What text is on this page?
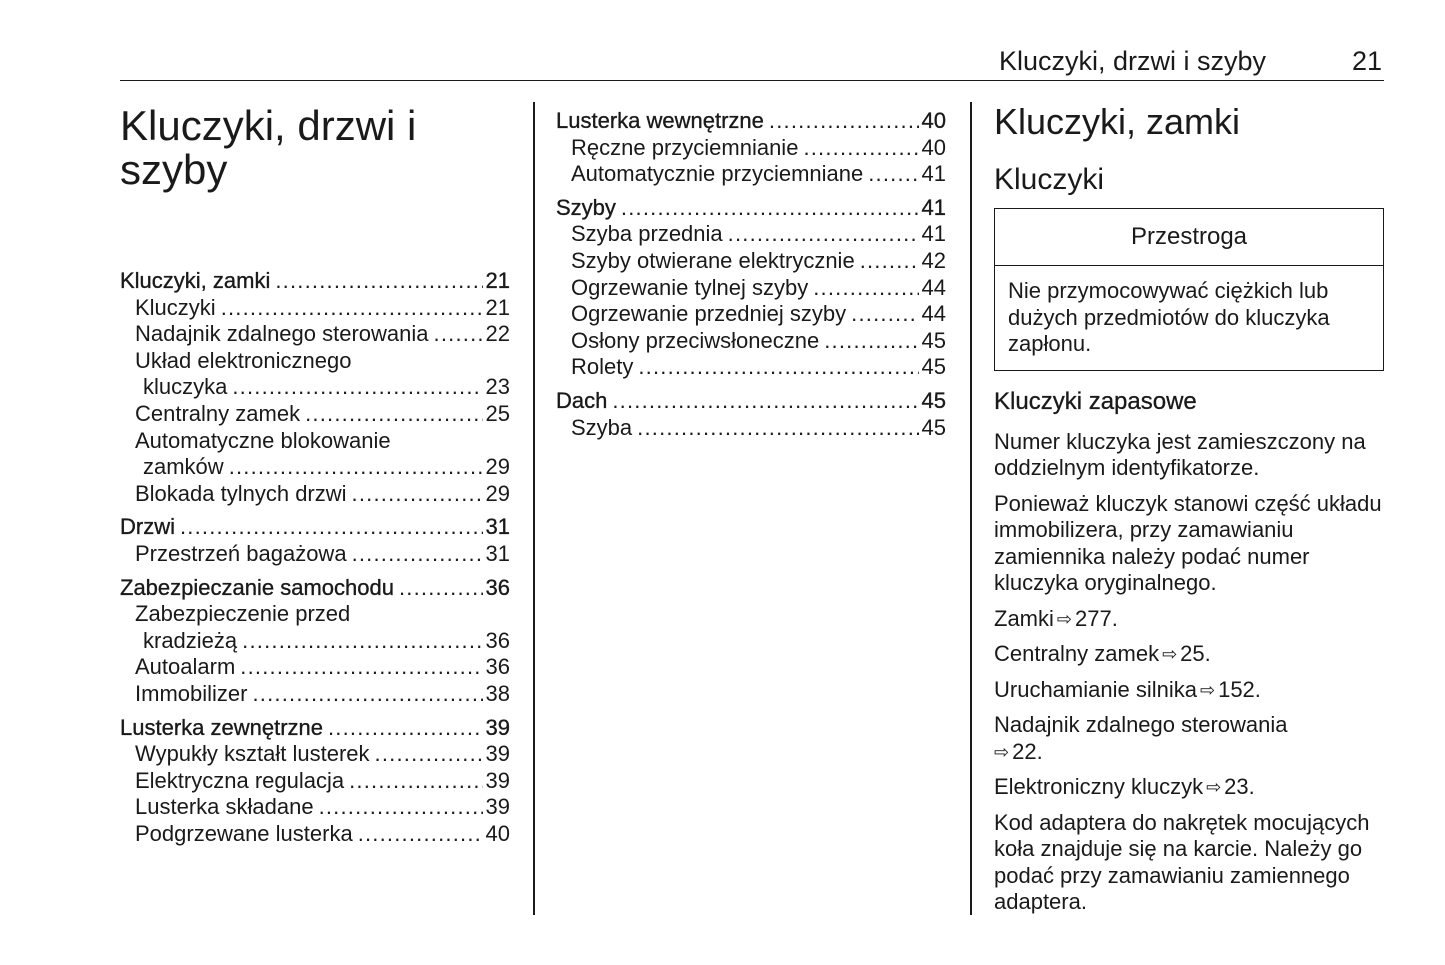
Kluczyki, drzwi i szyby	21
Kluczyki, drzwi i
szyby
Kluczyki, zamki .....	21
Kluczyki .....	21
Nadajnik zdalnego sterowania .....	22
Układ elektronicznego
kluczyka .....	23
Centralny zamek .....	25
Automatyczne blokowanie
zamków .....	29
Blokada tylnych drzwi .....	29
Drzwi .....	31
Przestrzeń bagażowa .....	31
Zabezpieczanie samochodu .....	36
Zabezpieczenie przed
kradzieżą .....	36
Autoalarm .....	36
Immobilizer .....	38
Lusterka zewnętrzne .....	39
Wypukły kształt lusterek .....	39
Elektryczna regulacja .....	39
Lusterka składane .....	39
Podgrzewane lusterka .....	40
Lusterka wewnętrzne .....	40
Ręczne przyciemnianie .....	40
Automatycznie przyciemniane .....	41
Szyby .....	41
Szyba przednia .....	41
Szyby otwierane elektrycznie .....	42
Ogrzewanie tylnej szyby .....	44
Ogrzewanie przedniej szyby .....	44
Osłony przeciwsłoneczne .....	45
Rolety .....	45
Dach .....	45
Szyba .....	45
Kluczyki, zamki
Kluczyki
Przestroga
Nie przymocowywać ciężkich lub dużych przedmiotów do kluczyka zapłonu.
Kluczyki zapasowe

Numer kluczyka jest zamieszczony na oddzielnym identyfikatorze.

Ponieważ kluczyk stanowi część układu immobilizera, przy zamawianiu zamiennika należy podać numer kluczyka oryginalnego.

Zamki ⇨ 277.

Centralny zamek ⇨ 25.

Uruchamianie silnika ⇨ 152.

Nadajnik zdalnego sterowania
⇨ 22.

Elektroniczny kluczyk ⇨ 23.

Kod adaptera do nakrętek mocujących koła znajduje się na karcie. Należy go podać przy zamawianiu zamiennego adaptera.
